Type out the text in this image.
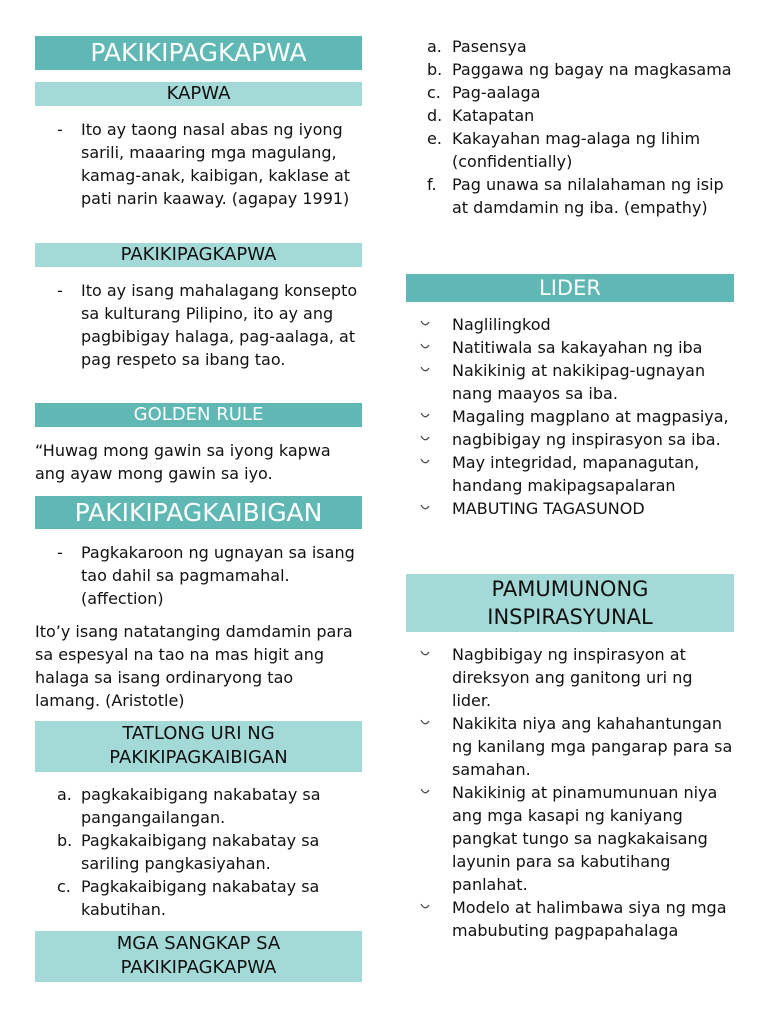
PAKIKIPAGKAPWA
KAPWA
- Ito ay taong nasal abas ng iyong sarili, maaaring mga magulang, kamag-anak, kaibigan, kaklase at pati narin kaaway. (agapay 1991)
PAKIKIPAGKAPWA
- Ito ay isang mahalagang konsepto sa kulturang Pilipino, ito ay ang pagbibigay halaga, pag-aalaga, at pag respeto sa ibang tao.
GOLDEN RULE
“Huwag mong gawin sa iyong kapwa ang ayaw mong gawin sa iyo.
PAKIKIPAGKAIBIGAN
- Pagkakaroon ng ugnayan sa isang tao dahil sa pagmamahal. (affection)
Ito’y isang natatanging damdamin para sa espesyal na tao na mas higit ang halaga sa isang ordinaryong tao lamang. (Aristotle)
TATLONG URI NG
PAKIKIPAGKAIBIGAN
a. pagkakaibigang nakabatay sa pangangailangan.
b. Pagkakaibigang nakabatay sa sariling pangkasiyahan.
c. Pagkakaibigang nakabatay sa kabutihan.
MGA SANGKAP SA
PAKIKIPAGKAPWA
a. Pasensya
b. Paggawa ng bagay na magkasama
c. Pag-aalaga
d. Katapatan
e. Kakayahan mag-alaga ng lihim (confidentially)
f. Pag unawa sa nilalahaman ng isip at damdamin ng iba. (empathy)
LIDER
Naglilingkod
Natitiwala sa kakayahan ng iba
Nakikinig at nakikipag-ugnayan nang maayos sa iba.
Magaling magplano at magpasiya,
nagbibigay ng inspirasyon sa iba.
May integridad, mapanagutan, handang makipagsapalaran
MABUTING TAGASUNOD
PAMUMUNONG
INSPIRASYUNAL
Nagbibigay ng inspirasyon at direksyon ang ganitong uri ng lider.
Nakikita niya ang kahahantungan ng kanilang mga pangarap para sa samahan.
Nakikinig at pinamumunuan niya ang mga kasapi ng kaniyang pangkat tungo sa nagkakaisang layunin para sa kabutihang panlahat.
Modelo at halimbawa siya ng mga mabubuting pagpapahalaga
